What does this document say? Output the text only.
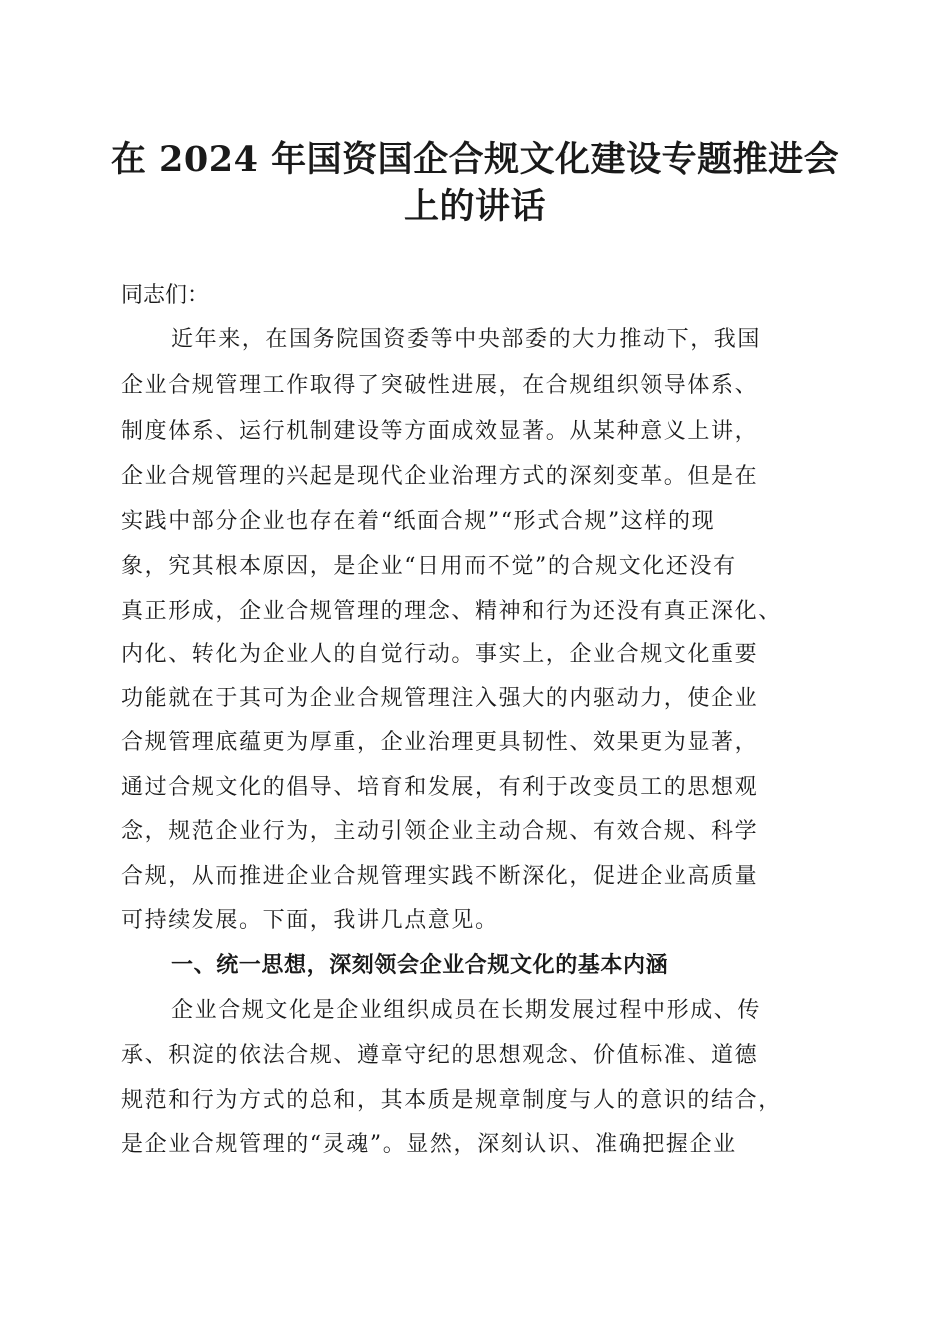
在 2024 年国资国企合规文化建设专题推进会
上的讲话
同志们：
近年来，在国务院国资委等中央部委的大力推动下，我国
企业合规管理工作取得了突破性进展，在合规组织领导体系、
制度体系、运行机制建设等方面成效显著。从某种意义上讲，
企业合规管理的兴起是现代企业治理方式的深刻变革。但是在
实践中部分企业也存在着“纸面合规”“形式合规”这样的现
象，究其根本原因，是企业“日用而不觉”的合规文化还没有
真正形成，企业合规管理的理念、精神和行为还没有真正深化、
内化、转化为企业人的自觉行动。事实上，企业合规文化重要
功能就在于其可为企业合规管理注入强大的内驱动力，使企业
合规管理底蕴更为厚重，企业治理更具韧性、效果更为显著，
通过合规文化的倡导、培育和发展，有利于改变员工的思想观
念，规范企业行为，主动引领企业主动合规、有效合规、科学
合规，从而推进企业合规管理实践不断深化，促进企业高质量
可持续发展。下面，我讲几点意见。
一、统一思想，深刻领会企业合规文化的基本内涵
企业合规文化是企业组织成员在长期发展过程中形成、传
承、积淀的依法合规、遵章守纪的思想观念、价值标准、道德
规范和行为方式的总和，其本质是规章制度与人的意识的结合，
是企业合规管理的“灵魂”。显然，深刻认识、准确把握企业
